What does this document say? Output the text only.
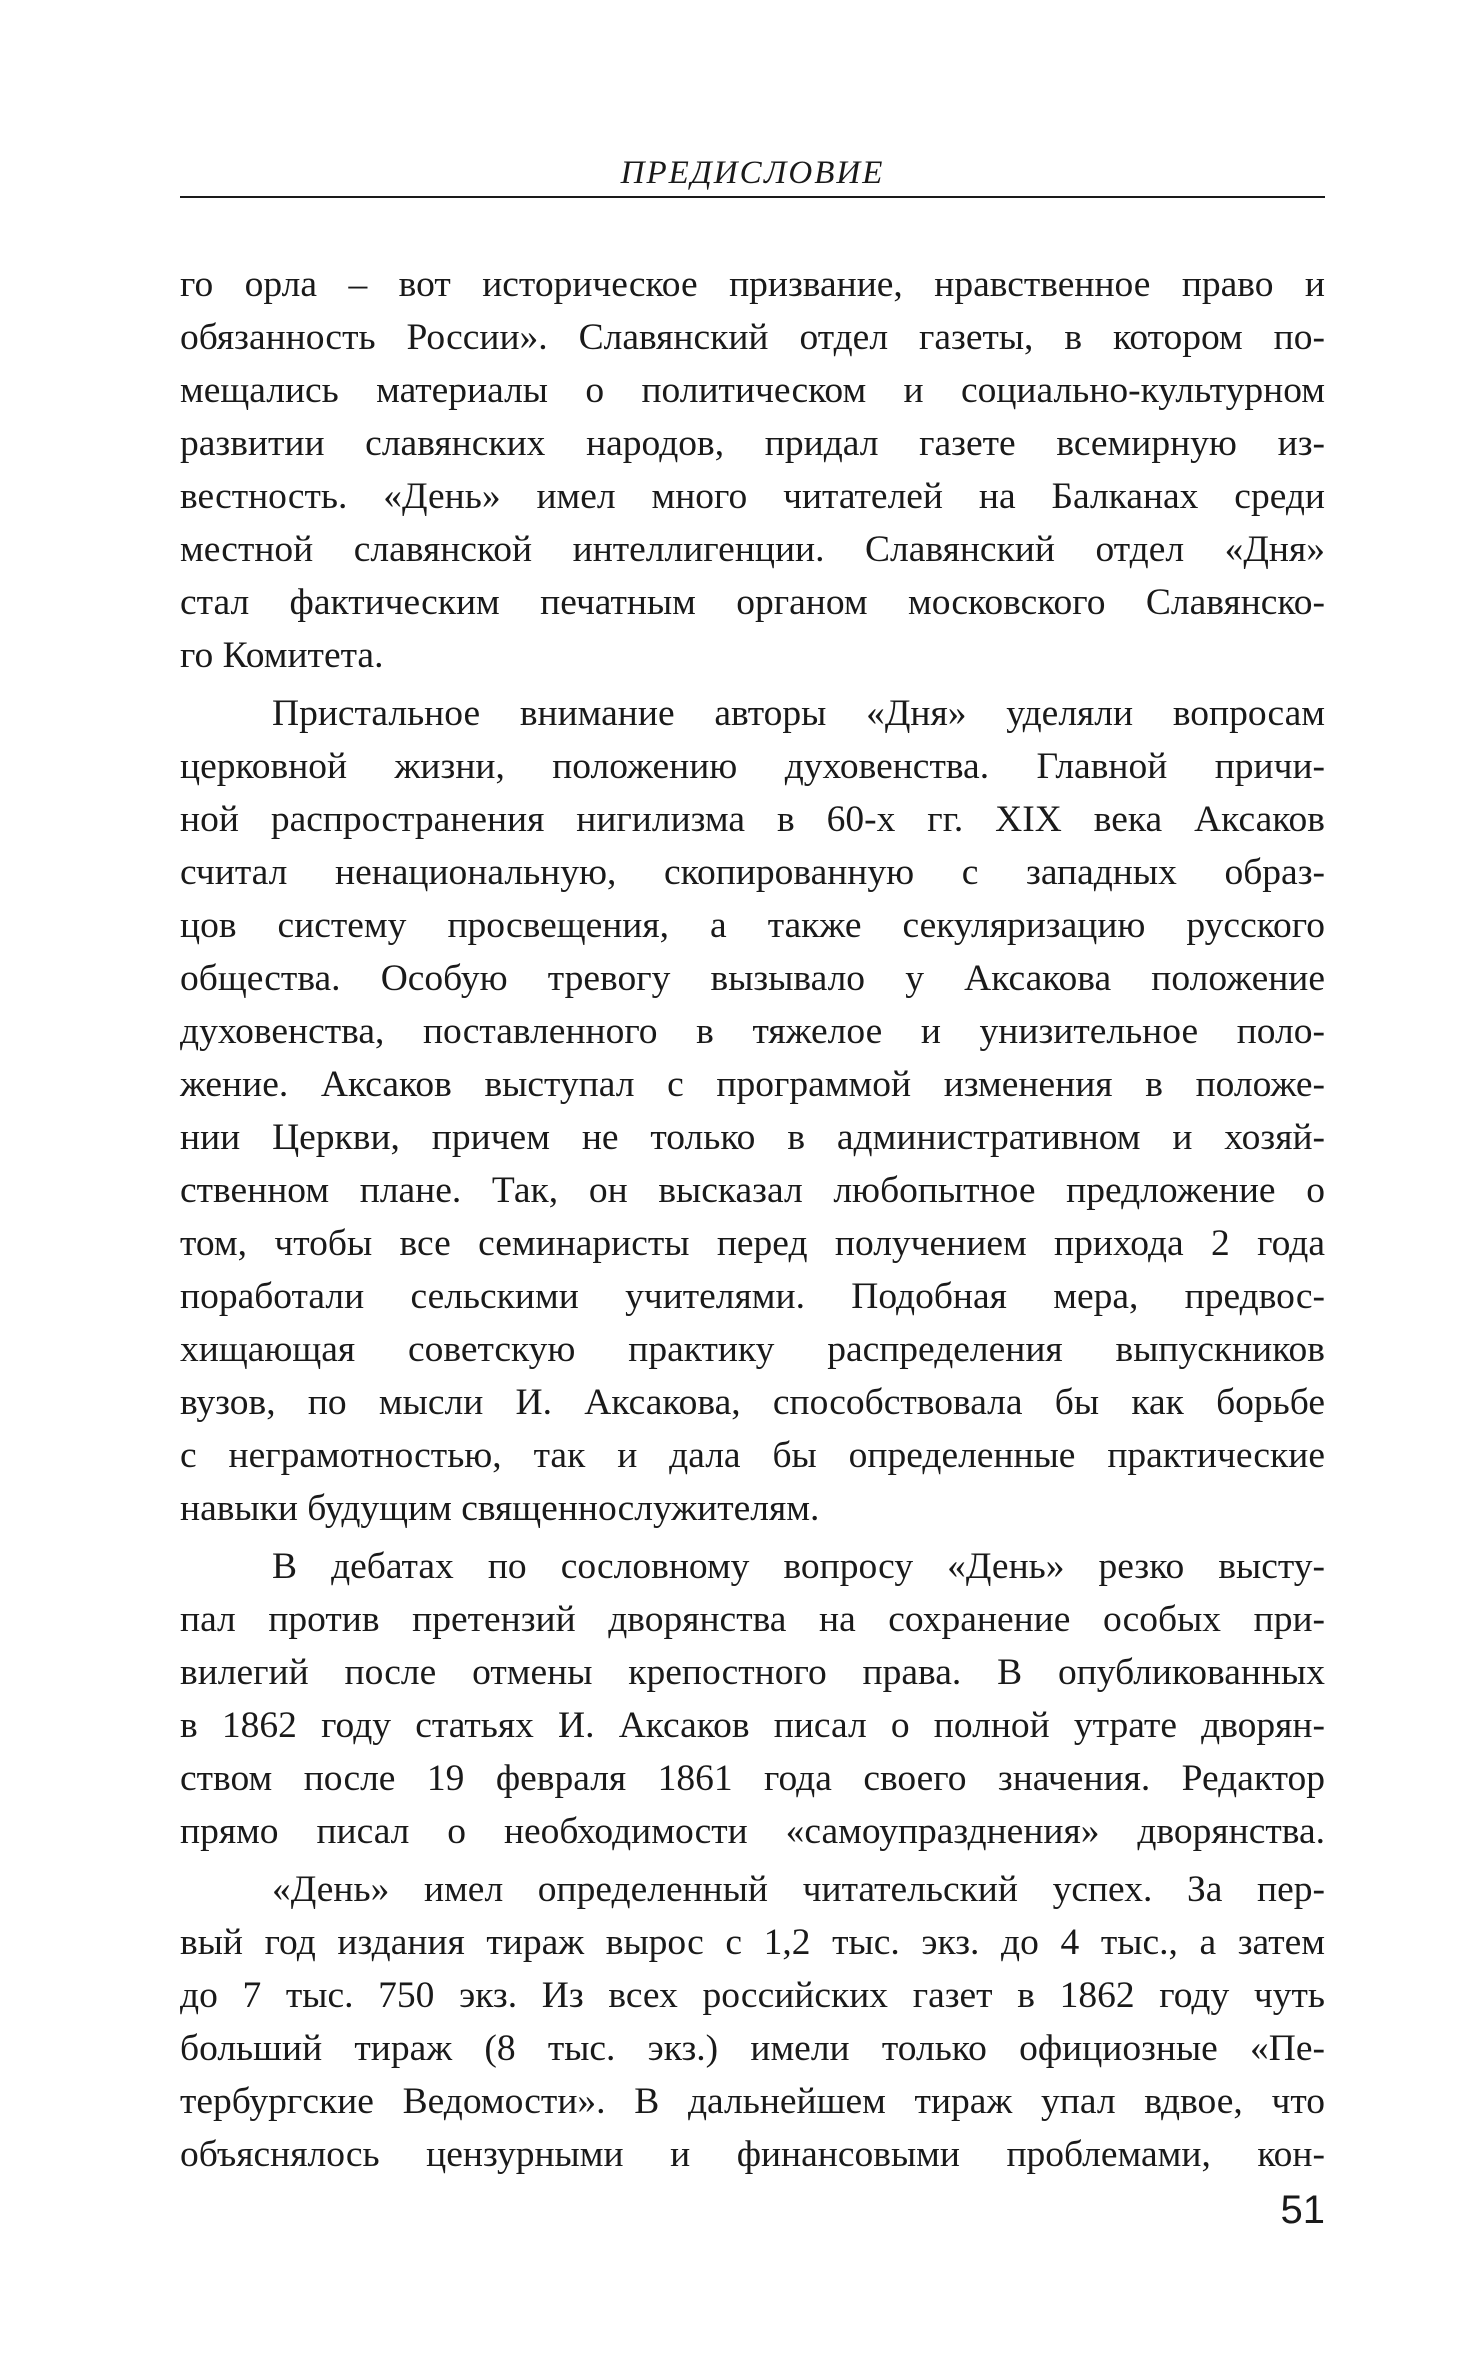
ПРЕДИСЛОВИЕ
го орла – вот историческое призвание, нравственное право и
обязанность России». Славянский отдел газеты, в котором по-
мещались материалы о политическом и социально-культурном
развитии славянских народов, придал газете всемирную из-
вестность. «День» имел много читателей на Балканах среди
местной славянской интеллигенции. Славянский отдел «Дня»
стал фактическим печатным органом московского Славянско-
го Комитета.
Пристальное внимание авторы «Дня» уделяли вопросам
церковной жизни, положению духовенства. Главной причи-
ной распространения нигилизма в 60-х гг. XIX века Аксаков
считал ненациональную, скопированную с западных образ-
цов систему просвещения, а также секуляризацию русского
общества. Особую тревогу вызывало у Аксакова положение
духовенства, поставленного в тяжелое и унизительное поло-
жение. Аксаков выступал с программой изменения в положе-
нии Церкви, причем не только в административном и хозяй-
ственном плане. Так, он высказал любопытное предложение о
том, чтобы все семинаристы перед получением прихода 2 года
поработали сельскими учителями. Подобная мера, предвос-
хищающая советскую практику распределения выпускников
вузов, по мысли И. Аксакова, способствовала бы как борьбе
с неграмотностью, так и дала бы определенные практические
навыки будущим священнослужителям.
В дебатах по сословному вопросу «День» резко высту-
пал против претензий дворянства на сохранение особых при-
вилегий после отмены крепостного права. В опубликованных
в 1862 году статьях И. Аксаков писал о полной утрате дворян-
ством после 19 февраля 1861 года своего значения. Редактор
прямо писал о необходимости «самоупразднения» дворянства.
«День» имел определенный читательский успех. За пер-
вый год издания тираж вырос с 1,2 тыс. экз. до 4 тыс., а затем
до 7 тыс. 750 экз. Из всех российских газет в 1862 году чуть
больший тираж (8 тыс. экз.) имели только официозные «Пе-
тербургские Ведомости». В дальнейшем тираж упал вдвое, что
объяснялось цензурными и финансовыми проблемами, кон-
51
